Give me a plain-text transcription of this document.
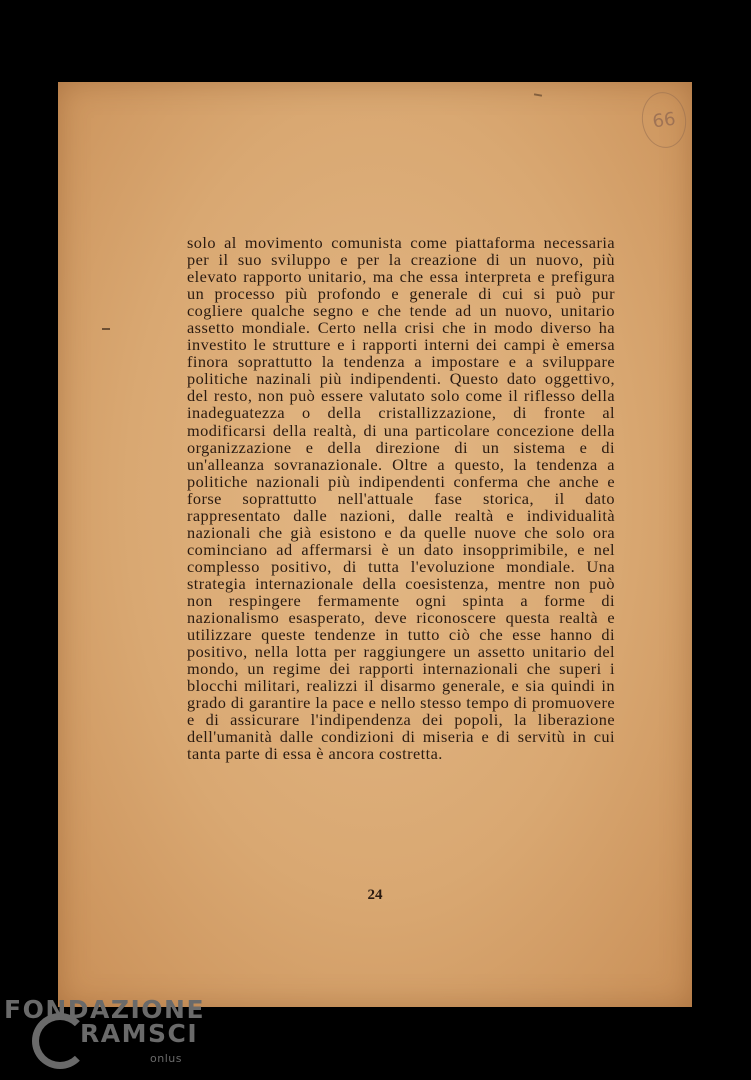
66

solo al movimento comunista come piattaforma necessaria per il suo sviluppo e per la creazione di un nuovo, più elevato rapporto unitario, ma che essa interpreta e prefigura un processo più profondo e generale di cui si può pur cogliere qualche segno e che tende ad un nuovo, unitario assetto mondiale. Certo nella crisi che in modo diverso ha investito le strutture e i rapporti interni dei campi è emersa finora soprattutto la tendenza a impostare e a sviluppare politiche nazinali più indipendenti. Questo dato oggettivo, del resto, non può essere valutato solo come il riflesso della inadeguatezza o della cristallizzazione, di fronte al modificarsi della realtà, di una particolare concezione della organizzazione e della direzione di un sistema e di un'alleanza sovranazionale. Oltre a questo, la tendenza a politiche nazionali più indipendenti conferma che anche e forse soprattutto nell'attuale fase storica, il dato rappresentato dalle nazioni, dalle realtà e individualità nazionali che già esistono e da quelle nuove che solo ora cominciano ad affermarsi è un dato insopprimibile, e nel complesso positivo, di tutta l'evoluzione mondiale. Una strategia internazionale della coesistenza, mentre non può non respingere fermamente ogni spinta a forme di nazionalismo esasperato, deve riconoscere questa realtà e utilizzare queste tendenze in tutto ciò che esse hanno di positivo, nella lotta per raggiungere un assetto unitario del mondo, un regime dei rapporti internazionali che superi i blocchi militari, realizzi il disarmo generale, e sia quindi in grado di garantire la pace e nello stesso tempo di promuovere e di assicurare l'indipendenza dei popoli, la liberazione dell'umanità dalle condizioni di miseria e di servitù in cui tanta parte di essa è ancora costretta.

24
FONDAZIONE
RAMSCI
onlus
